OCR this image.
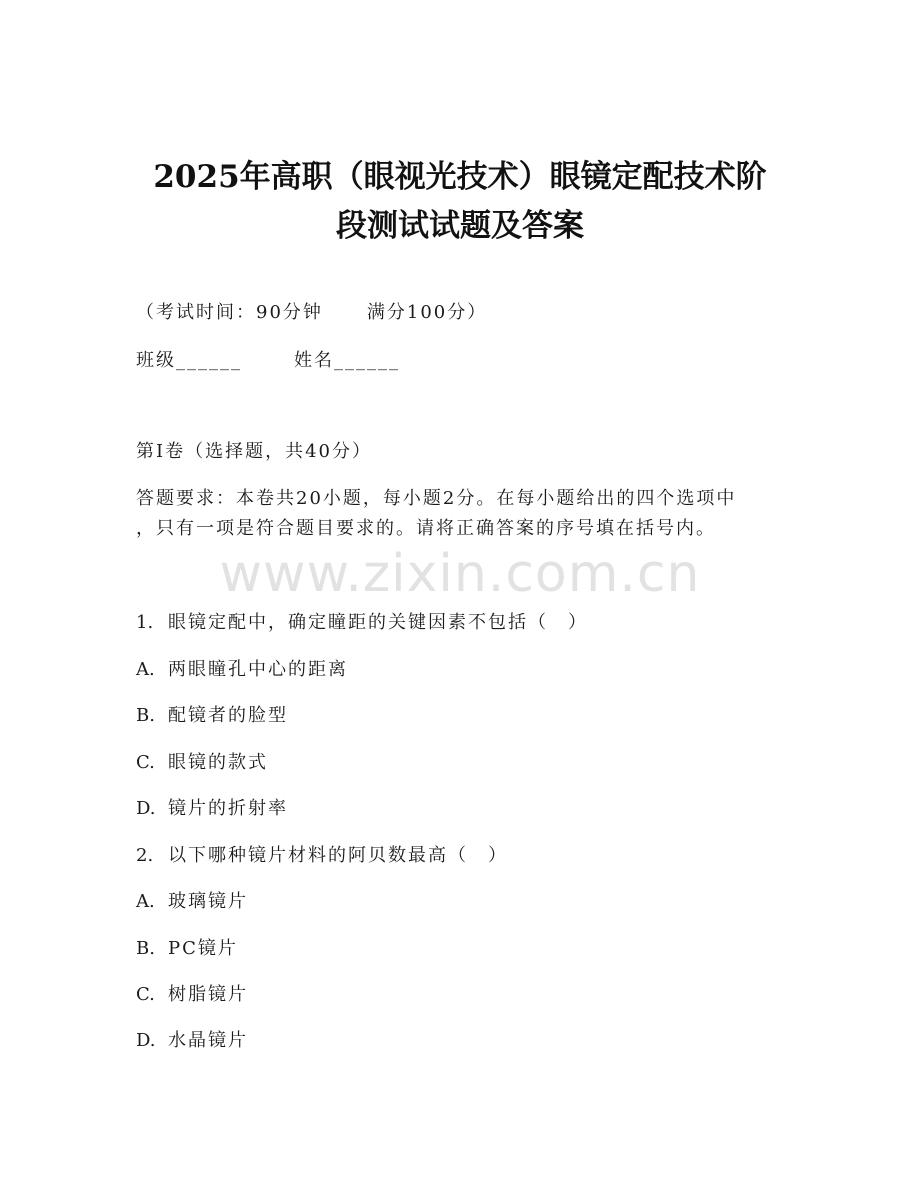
2025年高职（眼视光技术）眼镜定配技术阶
段测试试题及答案
（考试时间：90分钟 满分100分）
班级______	姓名______
第I卷（选择题，共40分）
答题要求：本卷共20小题，每小题2分。在每小题给出的四个选项中
，只有一项是符合题目要求的。请将正确答案的序号填在括号内。
www.zixin.com.cn
1. 眼镜定配中，确定瞳距的关键因素不包括（　）
A. 两眼瞳孔中心的距离
B. 配镜者的脸型
C. 眼镜的款式
D. 镜片的折射率
2. 以下哪种镜片材料的阿贝数最高（　）
A. 玻璃镜片
B. PC镜片
C. 树脂镜片
D. 水晶镜片
